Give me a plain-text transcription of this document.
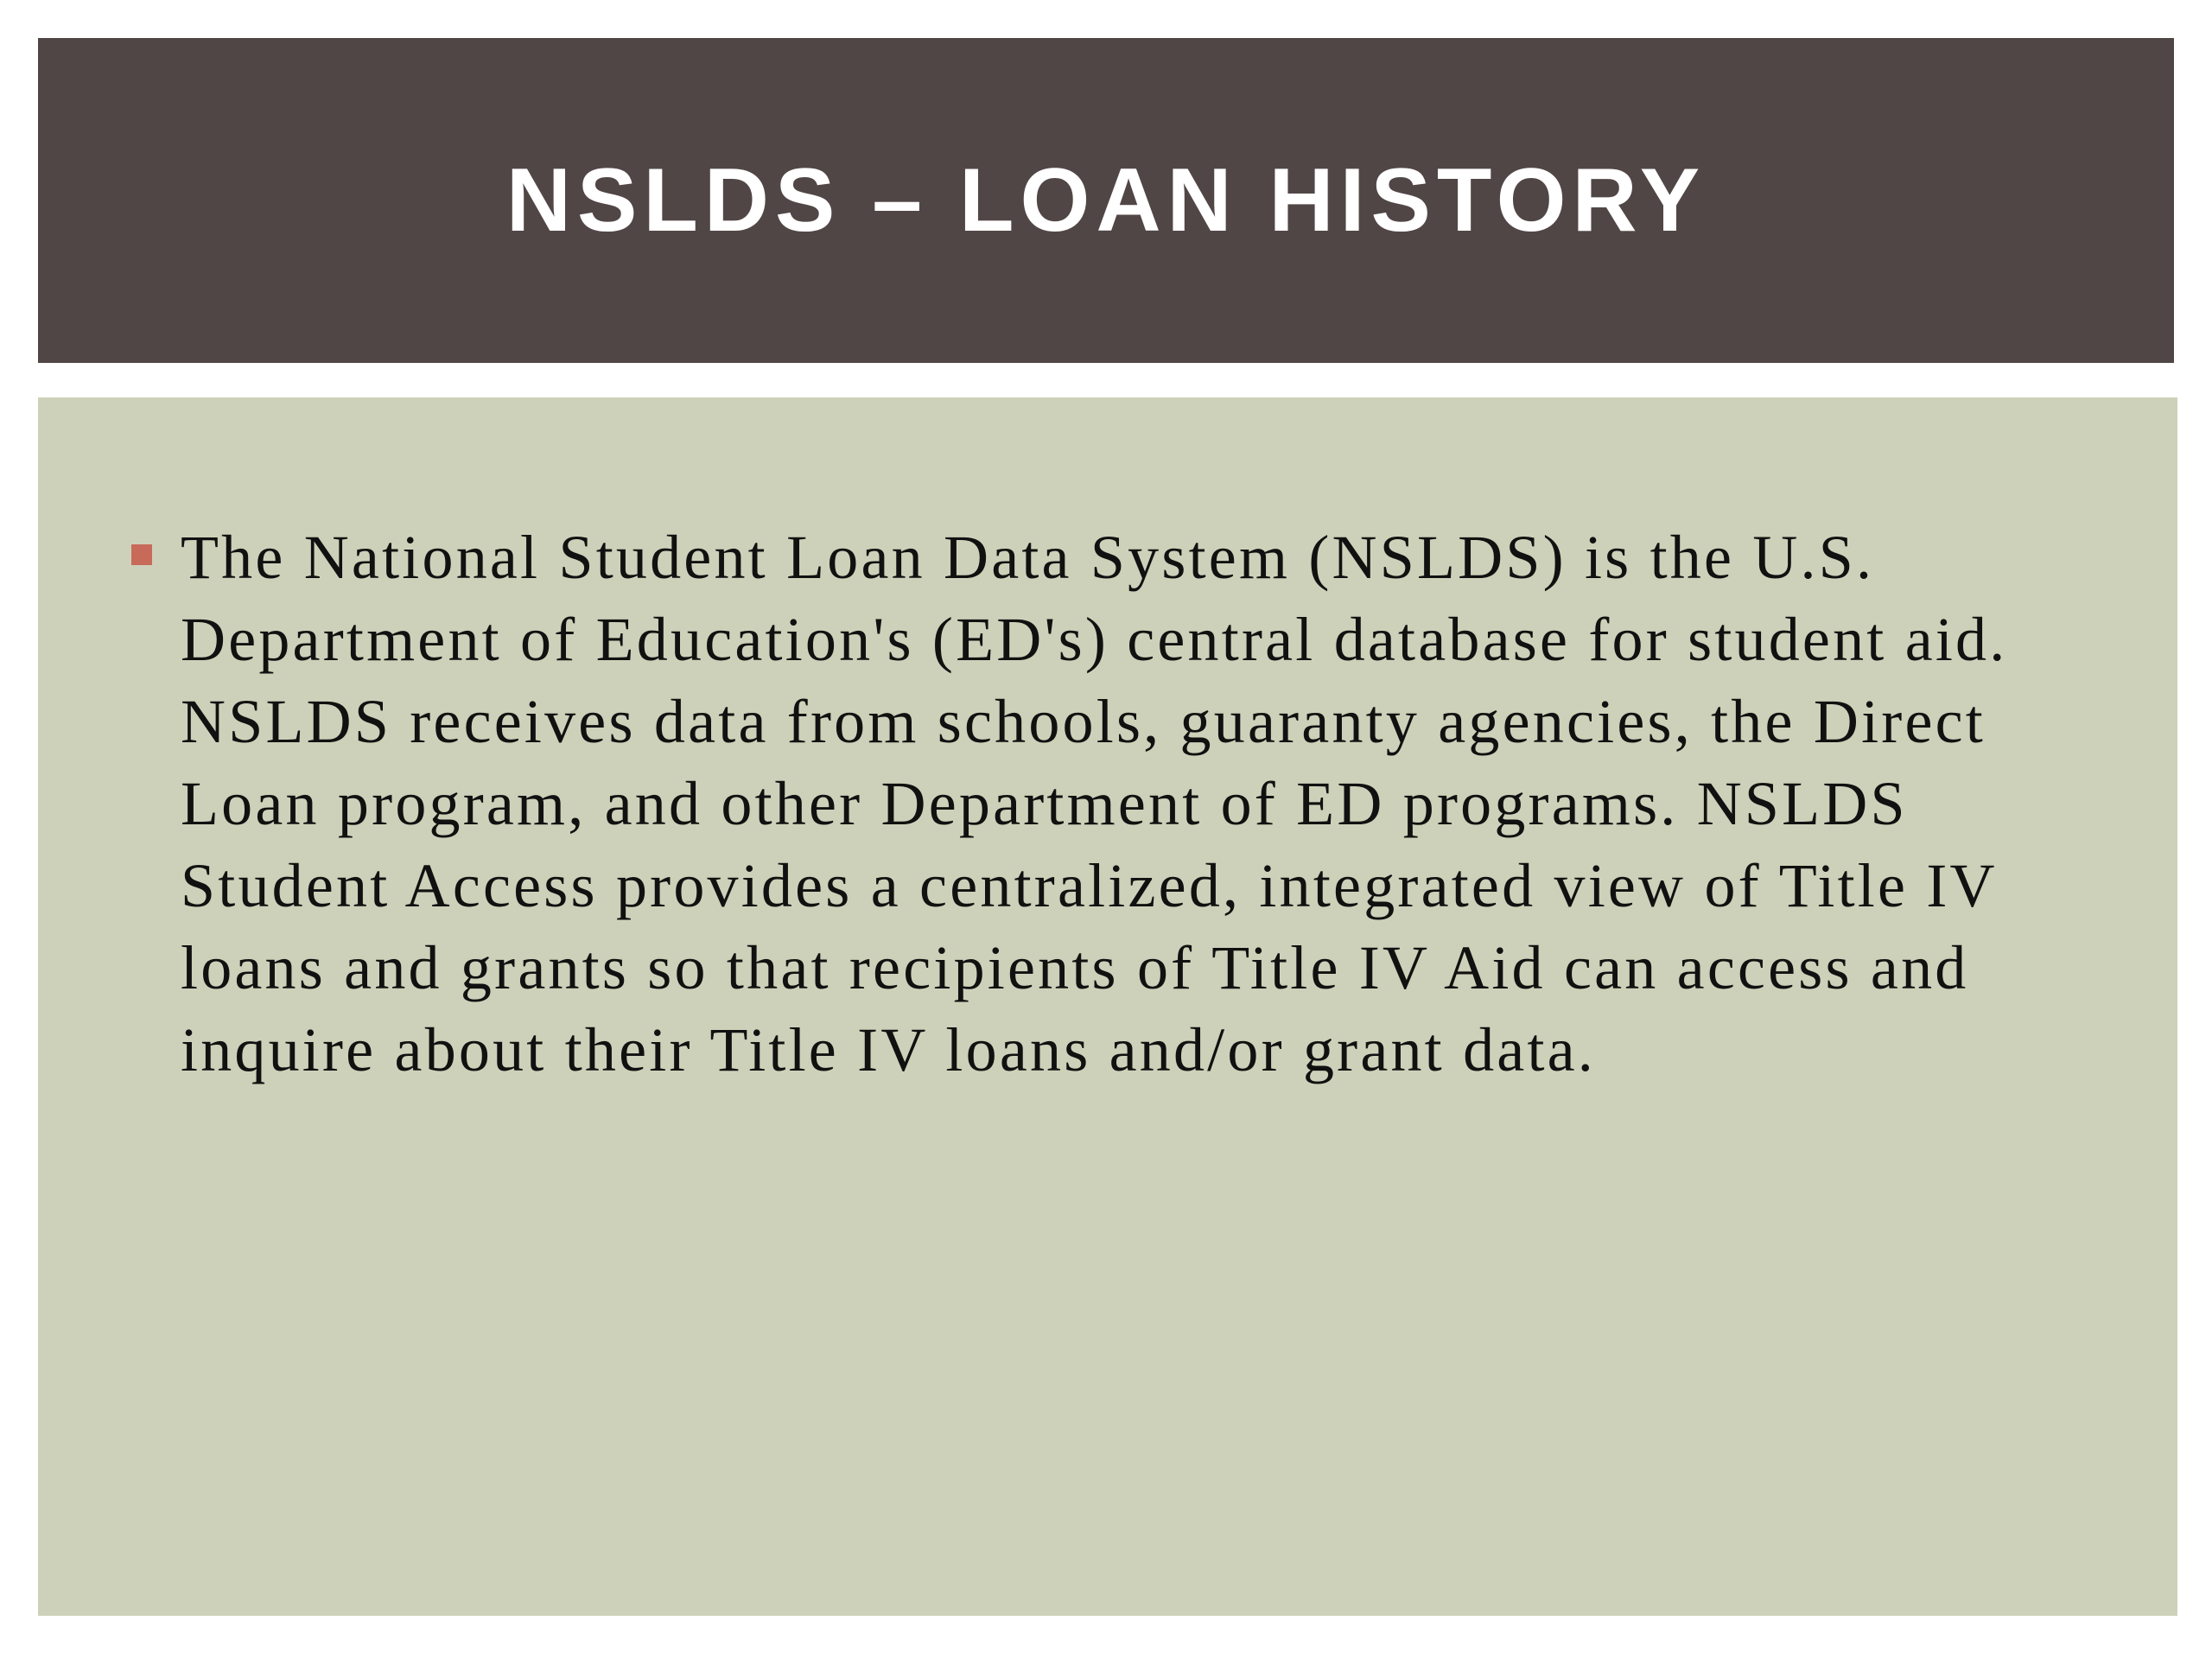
NSLDS – LOAN HISTORY

The National Student Loan Data System (NSLDS) is the U.S. Department of Education's (ED's) central database for student aid. NSLDS receives data from schools, guaranty agencies, the Direct Loan program, and other Department of ED programs. NSLDS Student Access provides a centralized, integrated view of Title IV loans and grants so that recipients of Title IV Aid can access and inquire about their Title IV loans and/or grant data.
